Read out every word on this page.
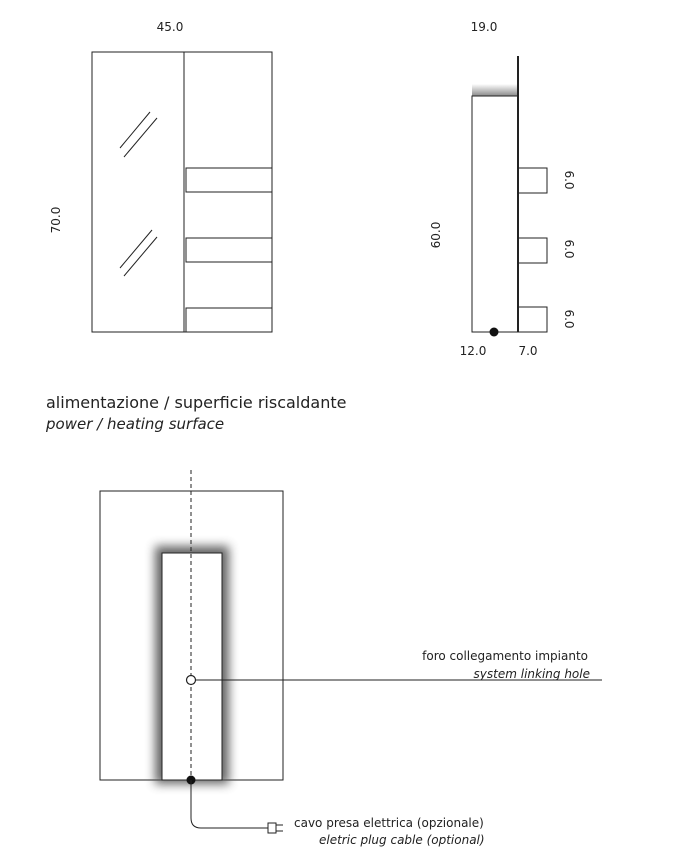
45.0
70.0
19.0
60.0
6.0
6.0
6.0
12.0	7.0
alimentazione / superficie riscaldante
power / heating surface
foro collegamento impianto
system linking hole
cavo presa elettrica (opzionale)
eletric plug cable (optional)
